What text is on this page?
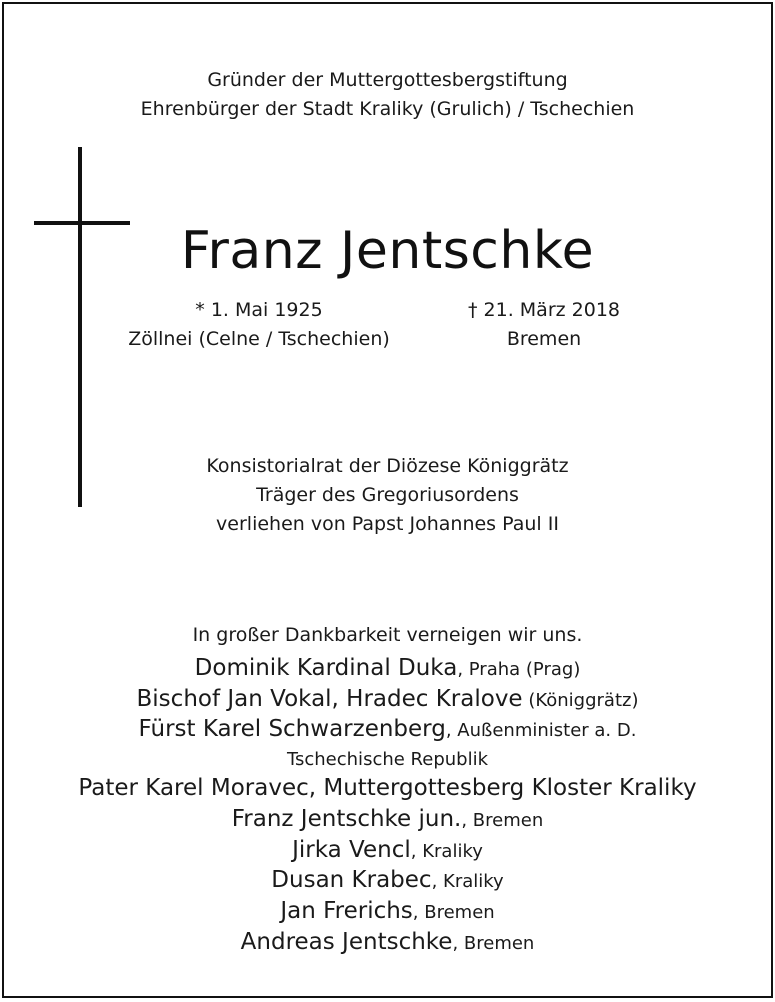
Gründer der Muttergottesbergstiftung
Ehrenbürger der Stadt Kraliky (Grulich) / Tschechien
Franz Jentschke
* 1. Mai 1925
Zöllnei (Celne / Tschechien)
† 21. März 2018
Bremen
Konsistorialrat der Diözese Königgrätz
Träger des Gregoriusordens
verliehen von Papst Johannes Paul II
In großer Dankbarkeit verneigen wir uns.
Dominik Kardinal Duka, Praha (Prag)
Bischof Jan Vokal, Hradec Kralove (Königgrätz)
Fürst Karel Schwarzenberg, Außenminister a. D.
Tschechische Republik
Pater Karel Moravec, Muttergottesberg Kloster Kraliky
Franz Jentschke jun., Bremen
Jirka Vencl, Kraliky
Dusan Krabec, Kraliky
Jan Frerichs, Bremen
Andreas Jentschke, Bremen
